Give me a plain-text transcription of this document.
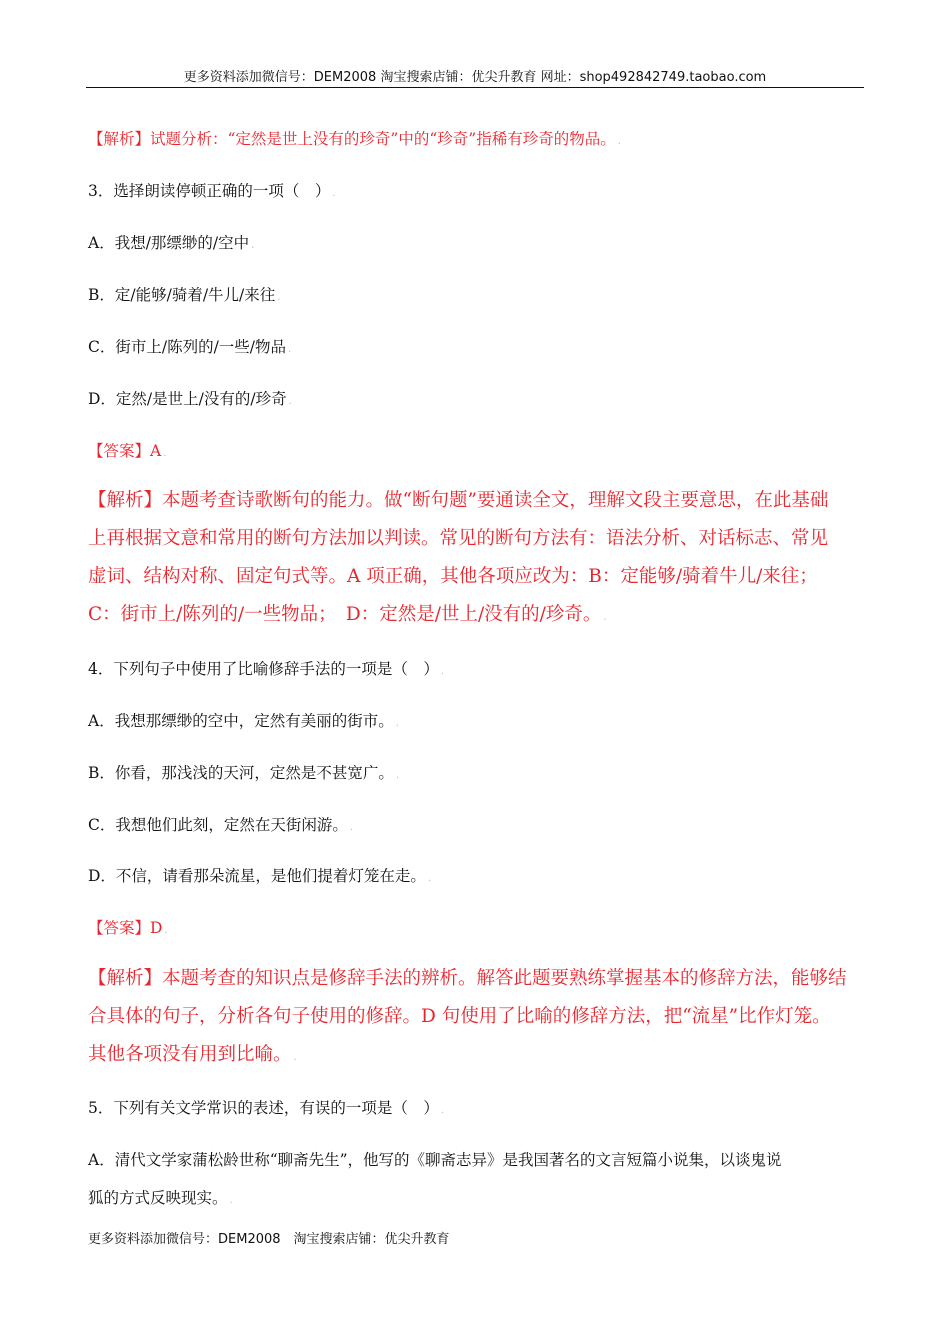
更多资料添加微信号：DEM2008 淘宝搜索店铺：优尖升教育 网址：shop492842749.taobao.com
【解析】试题分析：“定然是世上没有的珍奇”中的“珍奇”指稀有珍奇的物品。 .
3．选择朗读停顿正确的一项（　） .
A．我想/那缥缈的/空中 .
B．定/能够/骑着/牛儿/来往 .
C．街市上/陈列的/一些/物品 .
D．定然/是世上/没有的/珍奇 .
【答案】A .
【解析】本题考查诗歌断句的能力。做“断句题”要通读全文，理解文段主要意思，在此基础
上再根据文意和常用的断句方法加以判读。常见的断句方法有：语法分析、对话标志、常见
虚词、结构对称、固定句式等。A 项正确，其他各项应改为：B：定能够/骑着牛儿/来往；
C：街市上/陈列的/一些物品；　D：定然是/世上/没有的/珍奇。 .
4．下列句子中使用了比喻修辞手法的一项是（　） .
A．我想那缥缈的空中，定然有美丽的街市。 .
B．你看，那浅浅的天河，定然是不甚宽广。 .
C．我想他们此刻，定然在天街闲游。 .
D．不信，请看那朵流星，是他们提着灯笼在走。 .
【答案】D .
【解析】本题考查的知识点是修辞手法的辨析。解答此题要熟练掌握基本的修辞方法，能够结
合具体的句子，分析各句子使用的修辞。D 句使用了比喻的修辞方法，把“流星”比作灯笼。
其他各项没有用到比喻。 .
5．下列有关文学常识的表述，有误的一项是（　） .
A．清代文学家蒲松龄世称“聊斋先生”，他写的《聊斋志异》是我国著名的文言短篇小说集，以谈鬼说
狐的方式反映现实。 .
更多资料添加微信号：DEM2008　淘宝搜索店铺：优尖升教育
